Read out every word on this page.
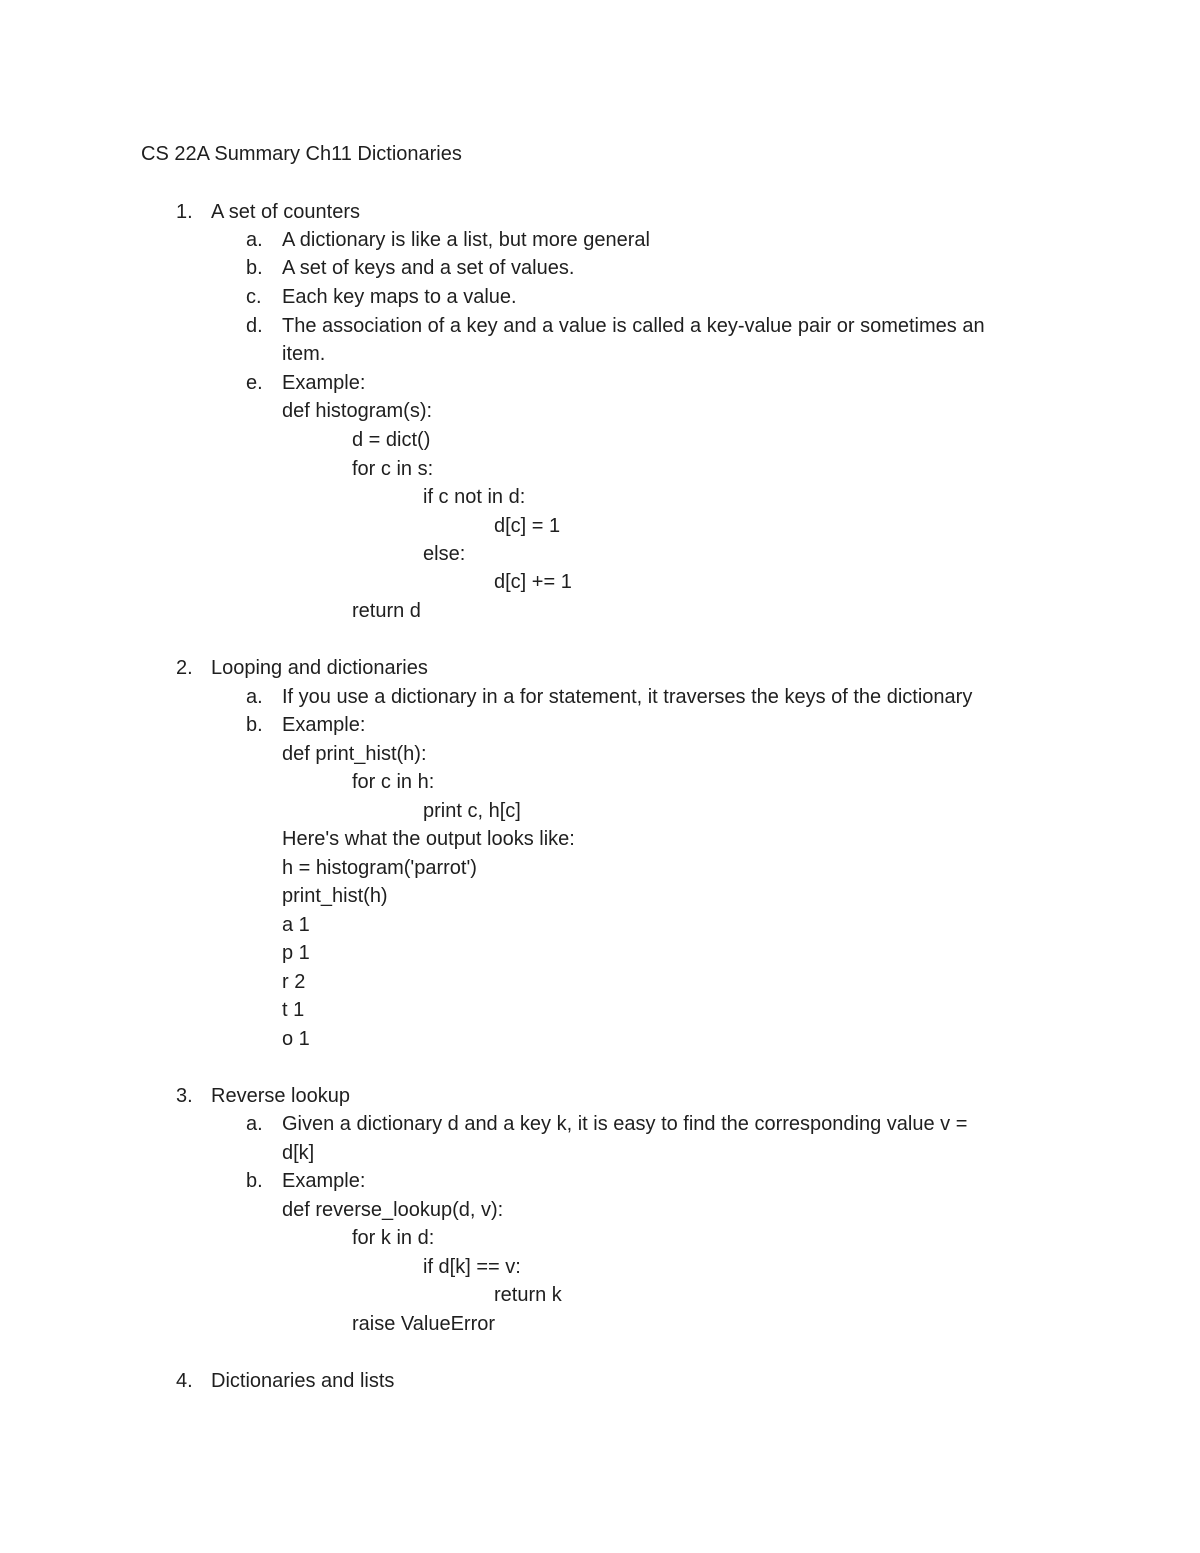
CS 22A Summary Ch11 Dictionaries
1. A set of counters
a. A dictionary is like a list, but more general
b. A set of keys and a set of values.
c. Each key maps to a value.
d. The association of a key and a value is called a key-value pair or sometimes an
item.
e. Example:
def histogram(s):
d = dict()
for c in s:
if c not in d:
d[c] = 1
else:
d[c] += 1
return d
2. Looping and dictionaries
a. If you use a dictionary in a for statement, it traverses the keys of the dictionary
b. Example:
def print_hist(h):
for c in h:
print c, h[c]
Here's what the output looks like:
h = histogram('parrot')
print_hist(h)
a 1
p 1
r 2
t 1
o 1
3. Reverse lookup
a. Given a dictionary d and a key k, it is easy to find the corresponding value v =
d[k]
b. Example:
def reverse_lookup(d, v):
for k in d:
if d[k] == v:
return k
raise ValueError
4. Dictionaries and lists
